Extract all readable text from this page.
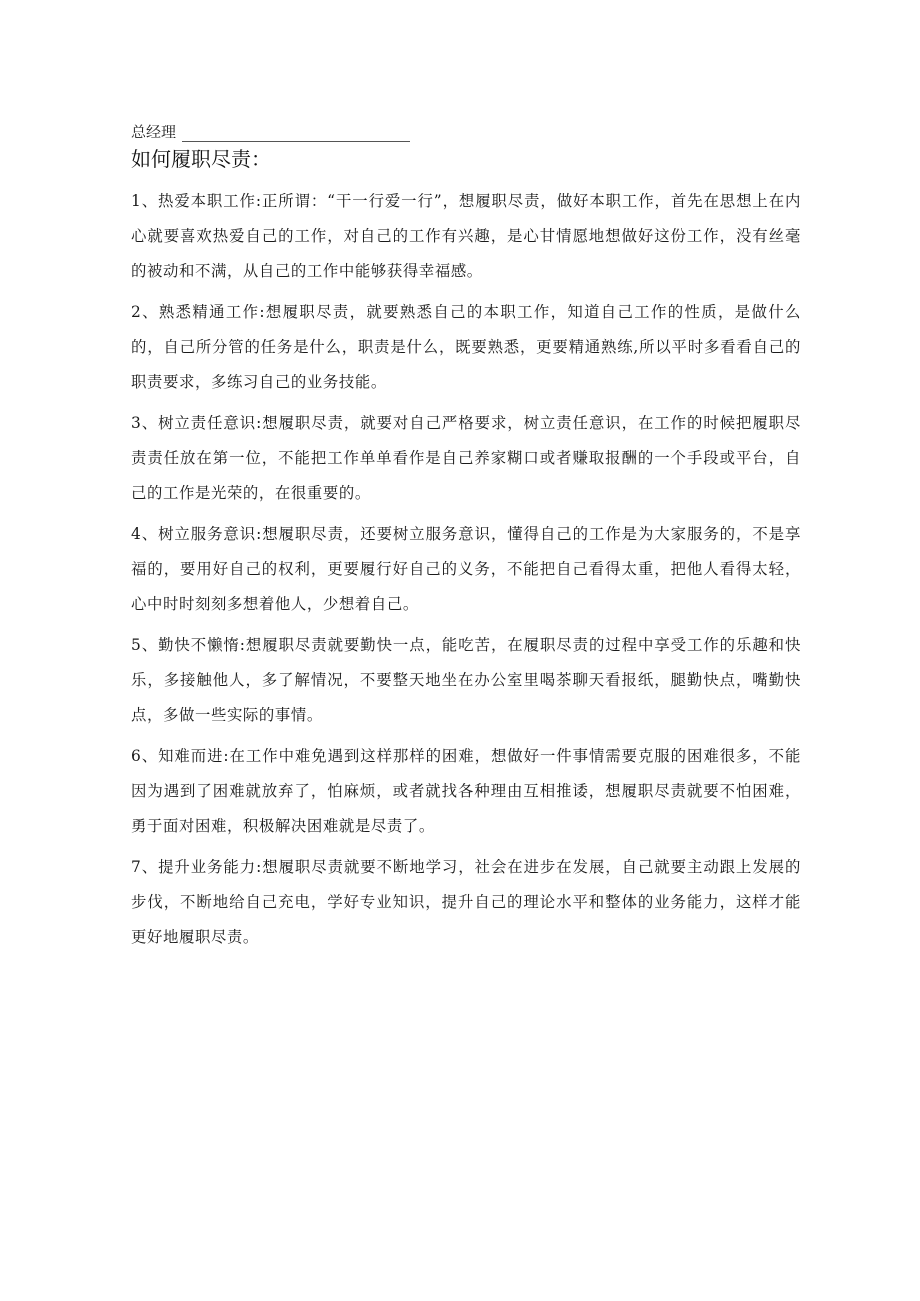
总经理
如何履职尽责：

1、热爱本职工作:正所谓：“干一行爱一行”，想履职尽责，做好本职工作，首先在思想上在内心就要喜欢热爱自己的工作，对自己的工作有兴趣，是心甘情愿地想做好这份工作，没有丝毫的被动和不满，从自己的工作中能够获得幸福感。

2、熟悉精通工作:想履职尽责，就要熟悉自己的本职工作，知道自己工作的性质，是做什么的，自己所分管的任务是什么，职责是什么，既要熟悉，更要精通熟练,所以平时多看看自己的职责要求，多练习自己的业务技能。

3、树立责任意识:想履职尽责，就要对自己严格要求，树立责任意识，在工作的时候把履职尽责责任放在第一位，不能把工作单单看作是自己养家糊口或者赚取报酬的一个手段或平台，自己的工作是光荣的，在很重要的。

4、树立服务意识:想履职尽责，还要树立服务意识，懂得自己的工作是为大家服务的，不是享福的，要用好自己的权利，更要履行好自己的义务，不能把自己看得太重，把他人看得太轻，心中时时刻刻多想着他人，少想着自己。

5、勤快不懒惰:想履职尽责就要勤快一点，能吃苦，在履职尽责的过程中享受工作的乐趣和快乐，多接触他人，多了解情况，不要整天地坐在办公室里喝茶聊天看报纸，腿勤快点，嘴勤快点，多做一些实际的事情。

6、知难而进:在工作中难免遇到这样那样的困难，想做好一件事情需要克服的困难很多，不能因为遇到了困难就放弃了，怕麻烦，或者就找各种理由互相推诿，想履职尽责就要不怕困难，勇于面对困难，积极解决困难就是尽责了。

7、提升业务能力:想履职尽责就要不断地学习，社会在进步在发展，自己就要主动跟上发展的步伐，不断地给自己充电，学好专业知识，提升自己的理论水平和整体的业务能力，这样才能更好地履职尽责。
